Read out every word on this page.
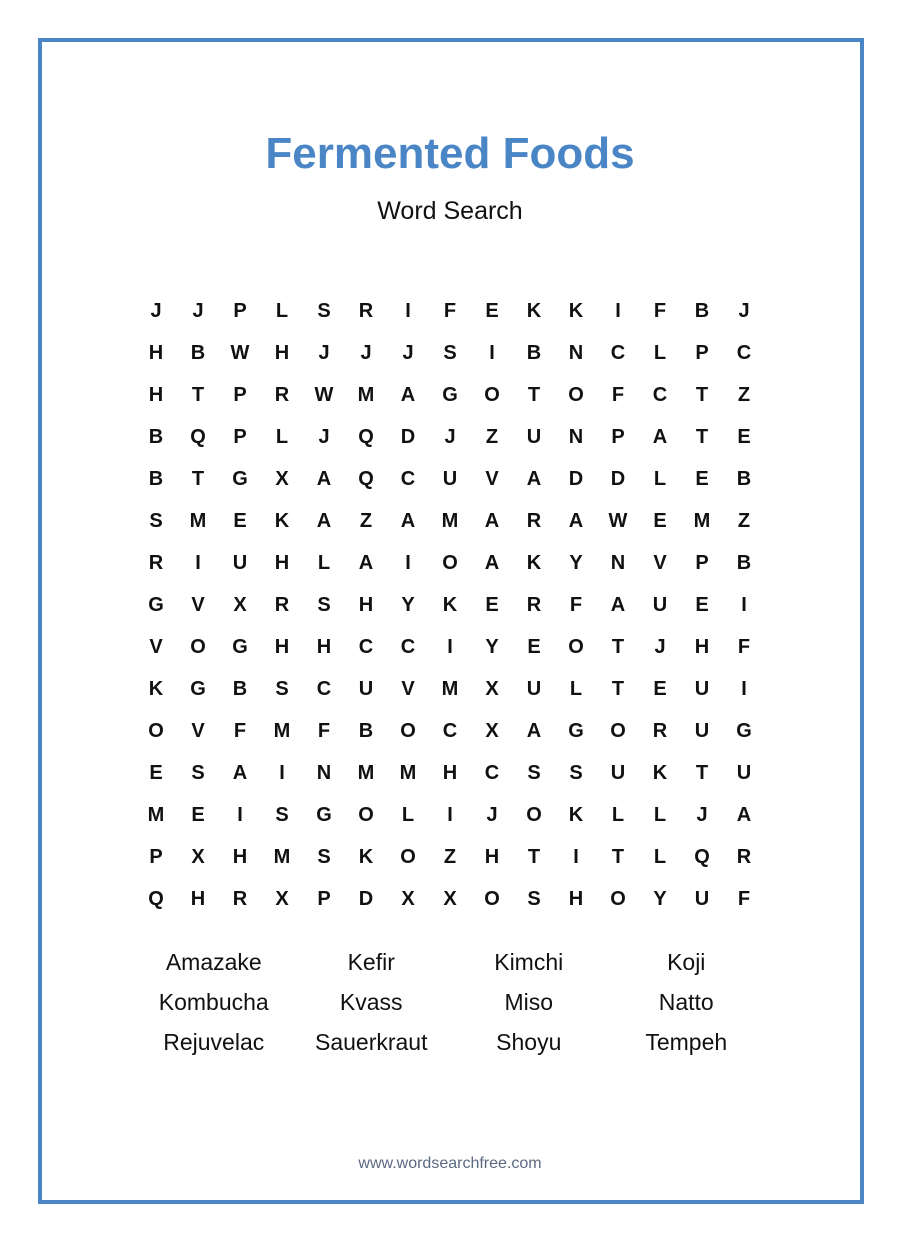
Fermented Foods
Word Search
J	J	P	L	S	R	I	F	E	K	K	I	F	B	J
H	B	W	H	J	J	J	S	I	B	N	C	L	P	C
H	T	P	R	W	M	A	G	O	T	O	F	C	T	Z
B	Q	P	L	J	Q	D	J	Z	U	N	P	A	T	E
B	T	G	X	A	Q	C	U	V	A	D	D	L	E	B
S	M	E	K	A	Z	A	M	A	R	A	W	E	M	Z
R	I	U	H	L	A	I	O	A	K	Y	N	V	P	B
G	V	X	R	S	H	Y	K	E	R	F	A	U	E	I
V	O	G	H	H	C	C	I	Y	E	O	T	J	H	F
K	G	B	S	C	U	V	M	X	U	L	T	E	U	I
O	V	F	M	F	B	O	C	X	A	G	O	R	U	G
E	S	A	I	N	M	M	H	C	S	S	U	K	T	U
M	E	I	S	G	O	L	I	J	O	K	L	L	J	A
P	X	H	M	S	K	O	Z	H	T	I	T	L	Q	R
Q	H	R	X	P	D	X	X	O	S	H	O	Y	U	F
Amazake	Kefir	Kimchi	Koji
Kombucha	Kvass	Miso	Natto
Rejuvelac	Sauerkraut	Shoyu	Tempeh
www.wordsearchfree.com
